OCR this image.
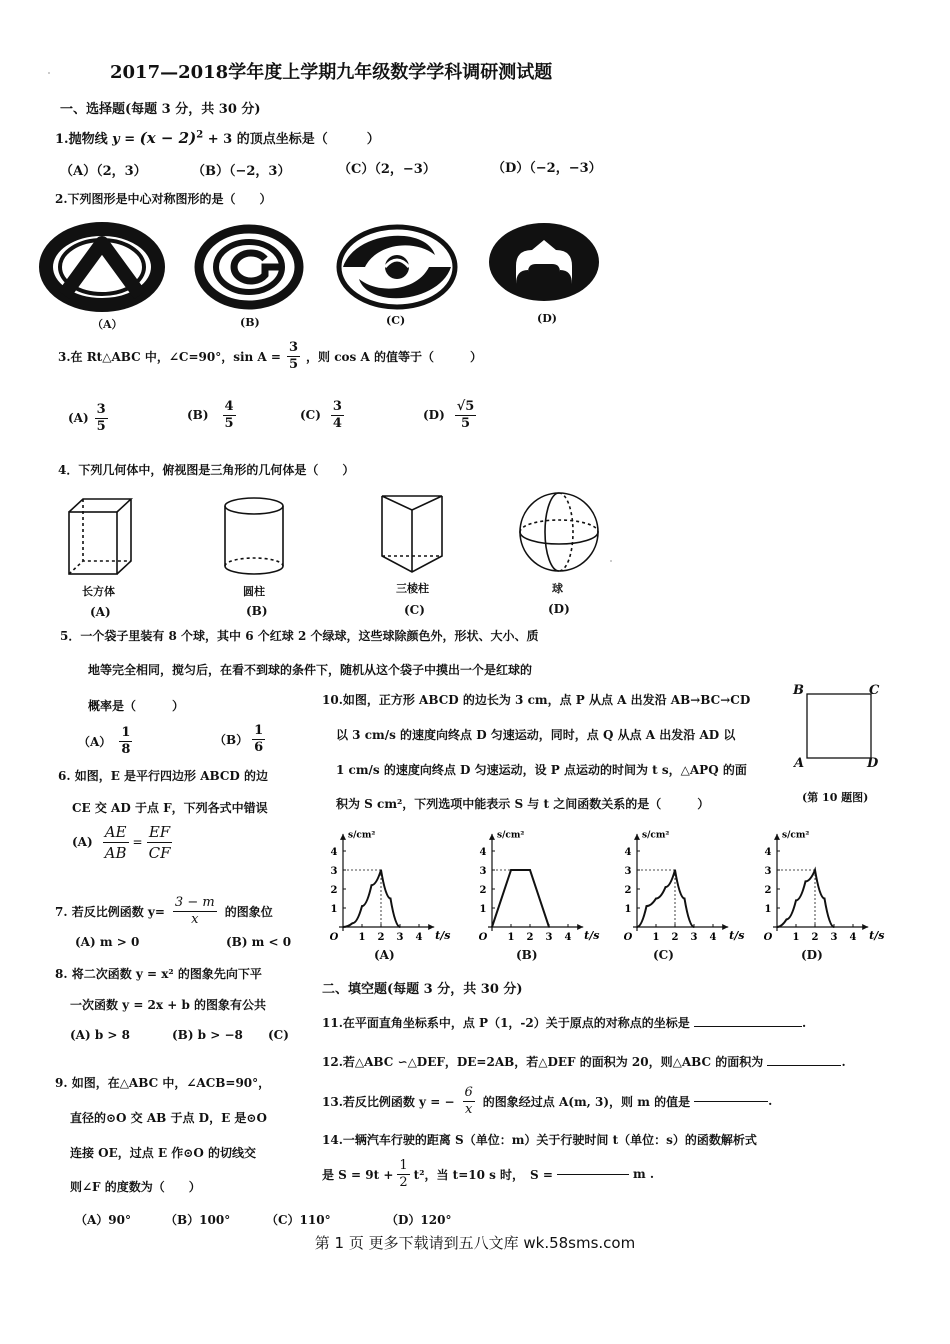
2017—2018学年度上学期九年级数学学科调研测试题
一、选择题(每题 3 分，共 30 分)
1.抛物线 $y = (x - 2)^2 + 3$ 的顶点坐标是（　　　）
（A）（2，3）	（B）（−2，3）	（C）（2，−3）	（D）（−2，−3）
2.下列图形是中心对称图形的是（　　）
（A）	(B)	(C)	(D)
3.在 Rt△ABC 中，∠C=90°，$\sin A = \frac{3}{5}$ ，则 cos A 的值等于（　　　）
$(A) \frac{3}{5}$	$(B) \frac{4}{5}$	$(C) \frac{3}{4}$	$(D) \frac{√5}{5}$
4．下列几何体中，俯视图是三角形的几何体是（　　）
长方体
(A)
圆柱
(B)
三棱柱
(C)
球
(D)
5．一个袋子里装有 8 个球，其中 6 个红球 2 个绿球，这些球除颜色外，形状、大小、质
地等完全相同，搅匀后，在看不到球的条件下，随机从这个袋子中摸出一个是红球的
概率是（　　　）
$(A) \frac{1}{8}$	$(B) \frac{1}{6}$
6. 如图，E 是平行四边形 ABCD 的边
CE 交 AD 于点 F，下列各式中错误
$(A) \frac{AE}{AB} = \frac{EF}{CF}$
7. 若反比例函数 $y= \frac{3 - m}{x}$ 的图象位
(A) m > 0	(B) m < 0
8. 将二次函数 y = x² 的图象先向下平
一次函数 y = 2x + b 的图象有公共
(A) b > 8	(B) b > −8 (C)
9. 如图，在△ABC 中，∠ACB=90°，
直径的⊙O 交 AB 于点 D，E 是⊙O
连接 OE，过点 E 作⊙O 的切线交
则∠F 的度数为（　　）
（A）90°	（B）100°	（C）110°	（D）120°
10.如图，正方形 ABCD 的边长为 3 cm，点 P 从点 A 出发沿 AB→BC→CD
以 3 cm/s 的速度向终点 D 匀速运动，同时，点 Q 从点 A 出发沿 AD 以
1 cm/s 的速度向终点 D 匀速运动，设 P 点运动的时间为 t s，△APQ 的面
积为 S cm²，下列选项中能表示 S 与 t 之间函数关系的是（　　　）
B	C
A	D
(第 10 题图)
1
2
3
4
1 2 3 4
O
s/cm²
t/s
1
2
3
4
1 2 3 4
O
s/cm²
t/s
1
2
3
4
1 2 3 4
O
s/cm²
t/s
1
2
3
4
1 2 3 4
O
s/cm²
t/s
(A)	(B)	(C)	(D)
二、填空题(每题 3 分，共 30 分)
11.在平面直角坐标系中，点 P（1，-2）关于原点的对称点的坐标是	.
12.若△ABC ∽△DEF，DE=2AB，若△DEF 的面积为 20，则△ABC 的面积为	.
13.若反比例函数 y = − $\frac{6}{x}$ 的图象经过点 A(m, 3)，则 m 的值是	.
14.一辆汽车行驶的距离 S（单位：m）关于行驶时间 t（单位：s）的函数解析式
是 $S = 9t + \frac{1}{2} t^2$，当 t=10 s 时，　S =	m .
第 1 页 更多下载请到五八文库 wk.58sms.com
